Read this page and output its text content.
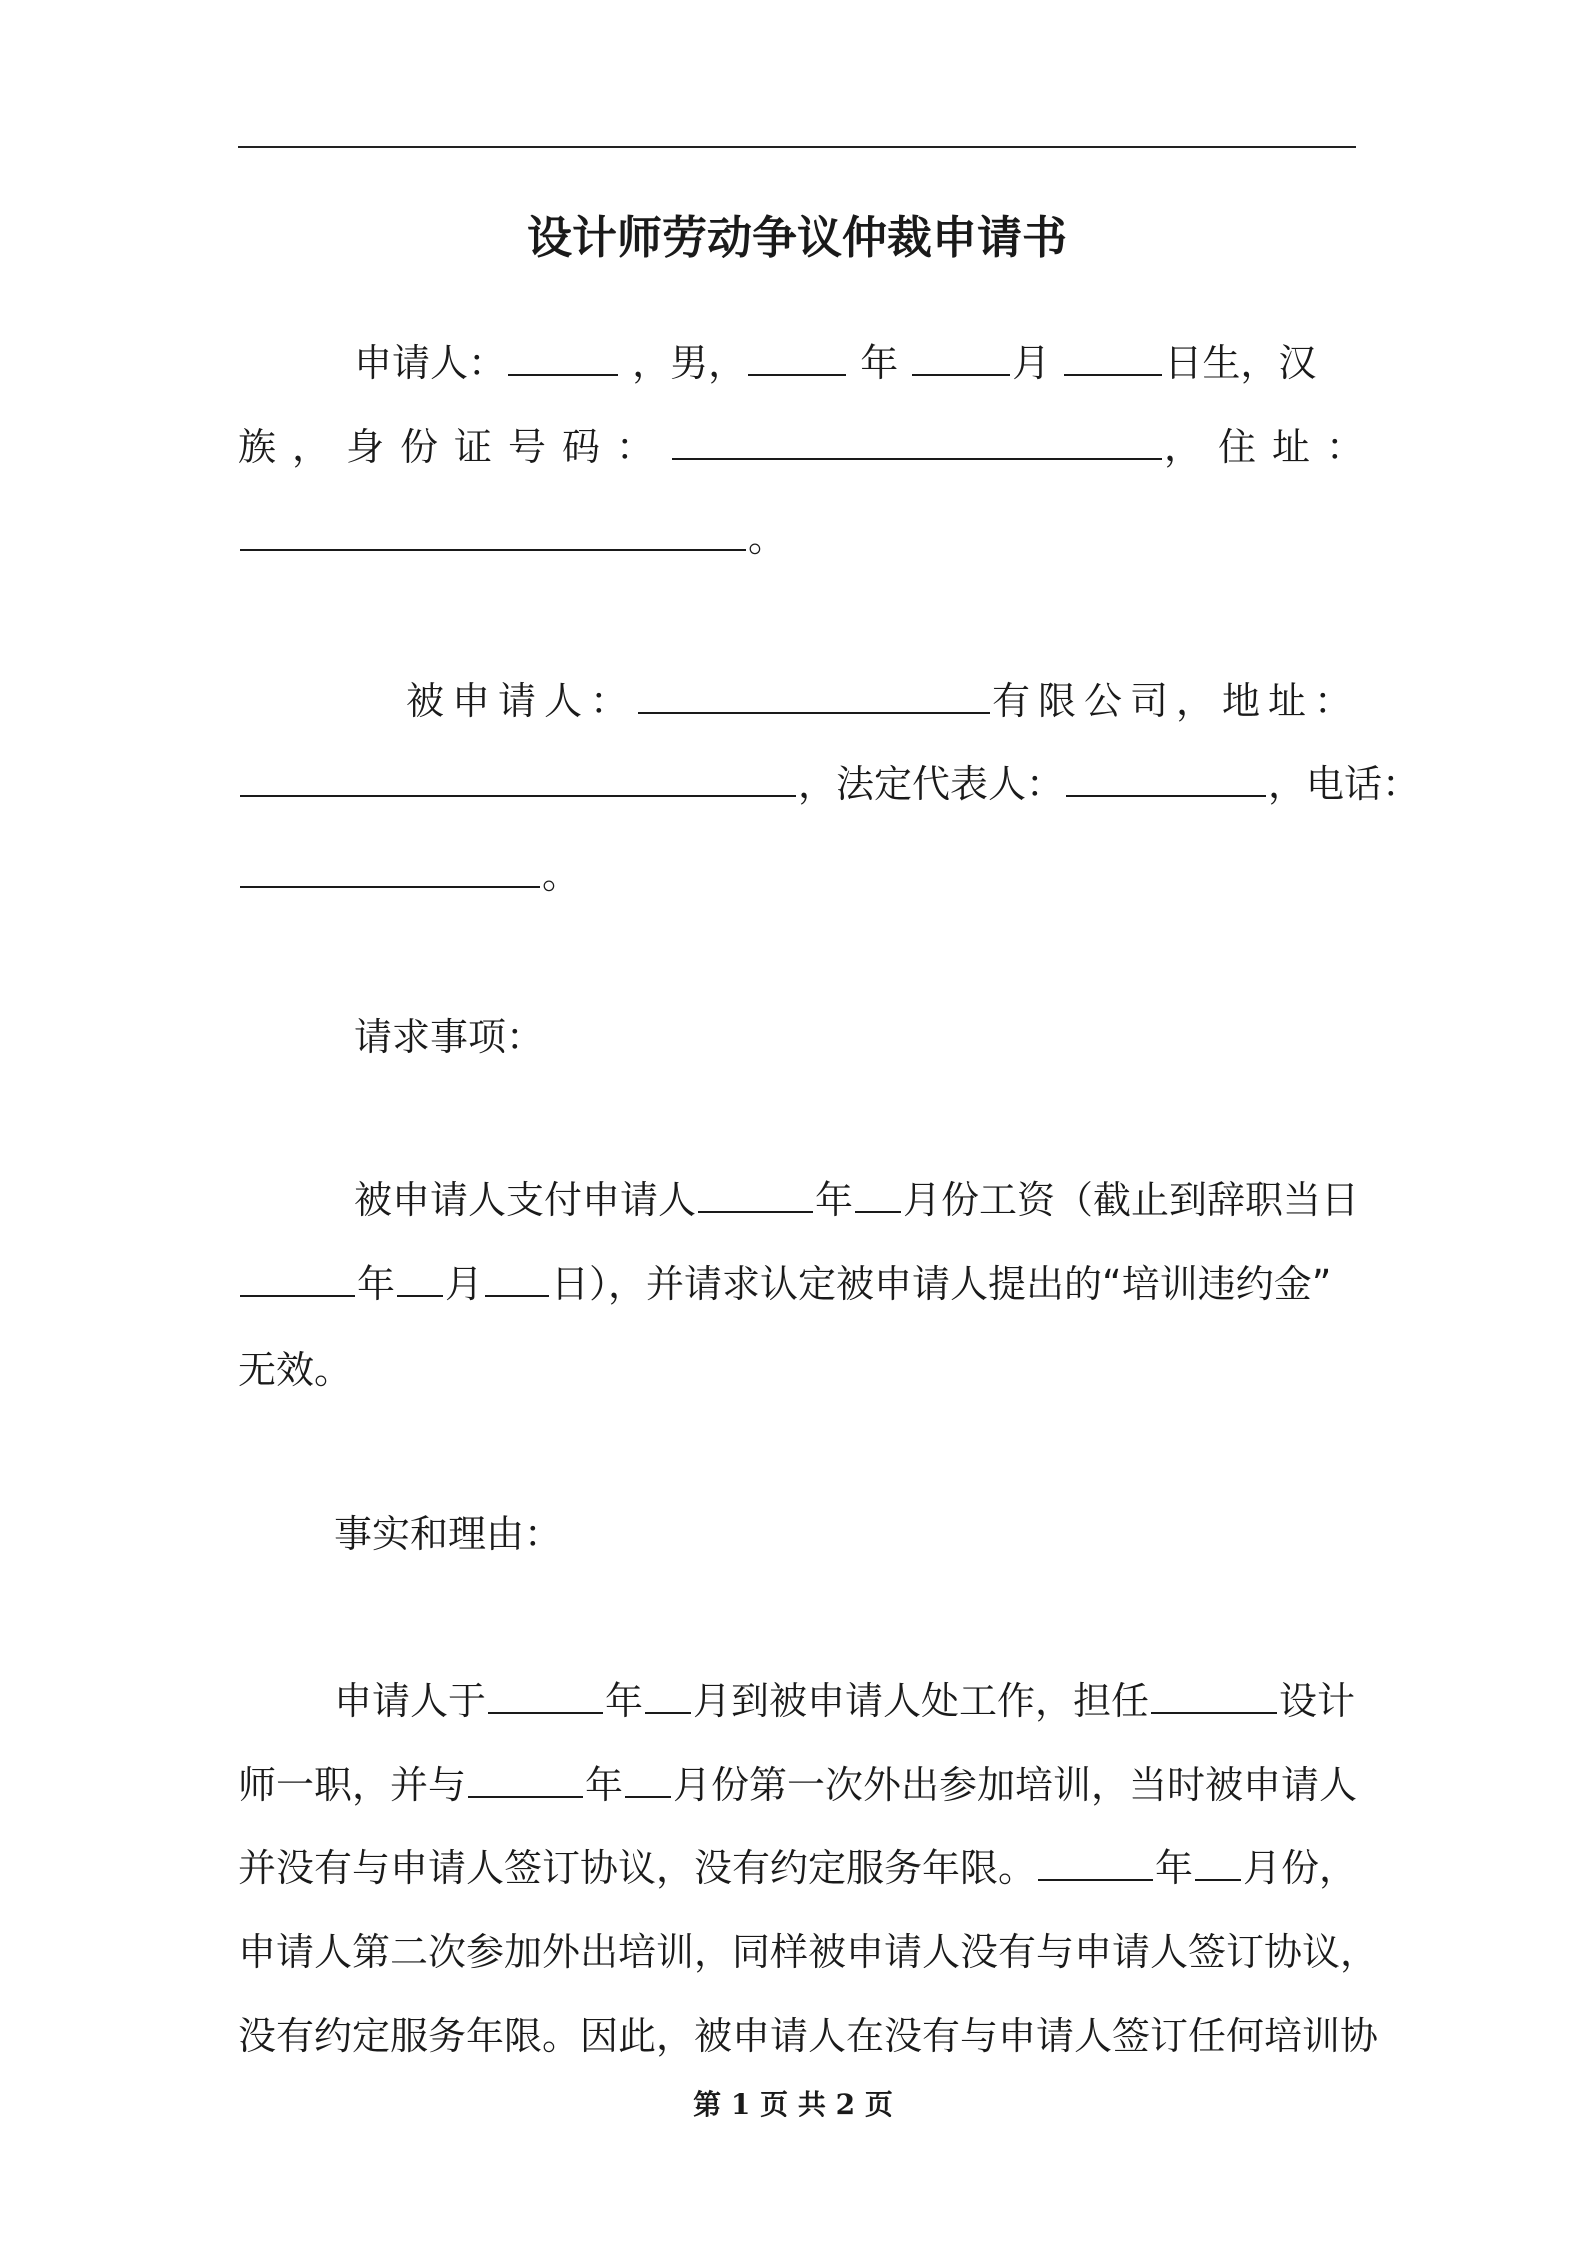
设计师劳动争议仲裁申请书
申请人：	，男，	年	月	日生，汉
族，身份证号码：	，住址：
。
被申请人：	有限公司，地址：
，法定代表人：	，电话：
。
请求事项：
被申请人支付申请人	年 月份工资（截止到辞职当日
年 月 日），并请求认定被申请人提出的“培训违约金”
无效。
事实和理由：
申请人于	年 月到被申请人处工作，担任	设计
师一职，并与	年 月份第一次外出参加培训，当时被申请人
并没有与申请人签订协议，没有约定服务年限。	年 月份，
申请人第二次参加外出培训，同样被申请人没有与申请人签订协议，
没有约定服务年限。因此，被申请人在没有与申请人签订任何培训协
第 1 页 共 2 页
